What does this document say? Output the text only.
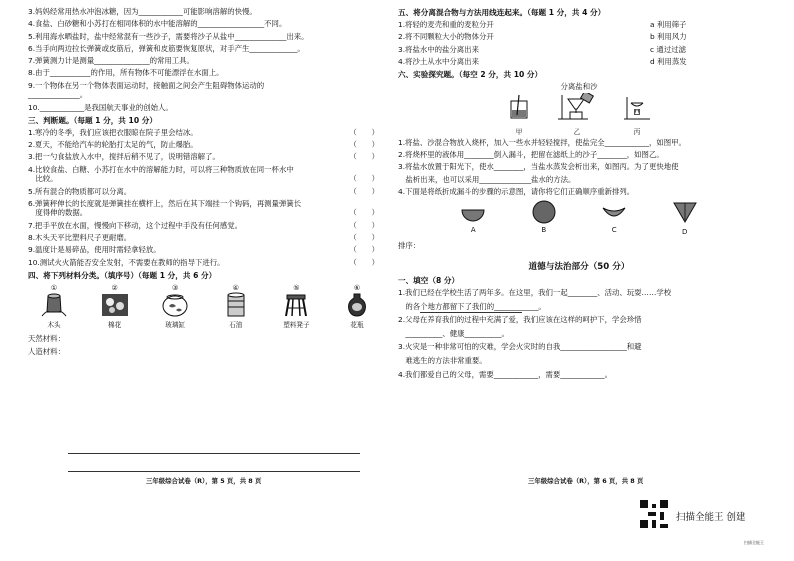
3.妈妈经常用热水冲泡冰糖，因为____________可能影响溶解的快慢。
4.食盐、白砂糖和小苏打在相同体积的水中能溶解的__________________不同。
5.利用海水晒盐时，盐中经常混有一些沙子，需要将沙子从盐中______________出来。
6.当手向两边拉长弹簧或皮筋后，弹簧和皮筋要恢复原状，对手产生_____________。
7.弹簧测力计是测量_______________的常用工具。
8.由于___________的作用，所有物体不可能漂浮在水面上。
9.一个物体在另一个物体表面运动时，接触面之间会产生阻碍物体运动的
______________。
10.____________是我国航天事业的创始人。
三、判断题。（每题 1 分，共 10 分）
1.寒冷的冬季，我们应该把衣服晾在院子里会结冰。	（　　）
2.夏天，不能给汽车的轮胎打太足的气，防止爆胎。	（　　）
3.把一勺食盐放入水中，搅拌后稍不见了，说明错溶解了。	（　　）
4.比较食盐、白糖、小苏打在水中的溶解能力时，可以将三种物质放在同一杯水中
　比较。	（　　）
5.所有混合的物质都可以分离。	（　　）
6.弹簧秤伸长的长度就是弹簧挂在横杆上，然后在其下端挂一个钩码，再测量弹簧长
　度得伸的数据。	（　　）
7.把手平放在水面，慢慢向下移动，这个过程中手没有任何感觉。	（　　）
8.木头天平比塑料尺子更耐磨。	（　　）
9.温度计是易碎品，使用时需轻拿轻放。	（　　）
10.测试火火箭能否安全发射，不需要在教师的指导下进行。	（　　）
四、将下列材料分类。（填序号）（每题 1 分，共 6 分）
①
木头
②
棉花
③
玻璃缸
④
石油
⑤
塑料凳子
⑥
花瓶
天然材料：
人造材料：
三年级综合试卷（R），第 5 页，共 8 页
五、将分离混合物与方法用线连起来。（每题 1 分，共 4 分）
1.将轻的麦壳和重的麦粒分开	a 利用筛子
2.将不同颗粒大小的物体分开	b 利用风力
3.将盐水中的盐分离出来	c 通过过滤
4.将沙土从水中分离出来	d 利用蒸发
六、实验探究题。（每空 2 分，共 10 分）
分离盐和沙
甲	乙	丙
1.将盐、沙混合物放入烧杯，加入一些水并轻轻搅拌，使盐完全____________，如图甲。
2.将烧杯里的液体用________倒入漏斗，把留在滤纸上的沙子________，如图乙。
3.将盐水放置于阳光下，使水________，当盐水蒸发会析出来，如图丙。为了更快地使
　盐析出来，也可以采用______________盐水的方法。
4.下面是将纸折成漏斗的步骤的示意图，请你将它们正确顺序重新排列。
A	B	C	D
排序：
道德与法治部分（50 分）
一、填空（8 分）
1.我们已经在学校生活了两年多。在这里，我们一起________、活动、玩耍……学校
　的各个地方都留下了我们的____________。
2.父母在养育我们的过程中充满了爱，我们应该在这样的呵护下，学会珍惜
　__________、健康__________。
3.火灾是一种非常可怕的灾难，学会火灾时的自我__________________和避
　难逃生的方法非常重要。
4.我们都爱自己的父母，需要____________，需要____________。
三年级综合试卷（R），第 6 页，共 8 页
扫描全能王 创建
扫描全能王
